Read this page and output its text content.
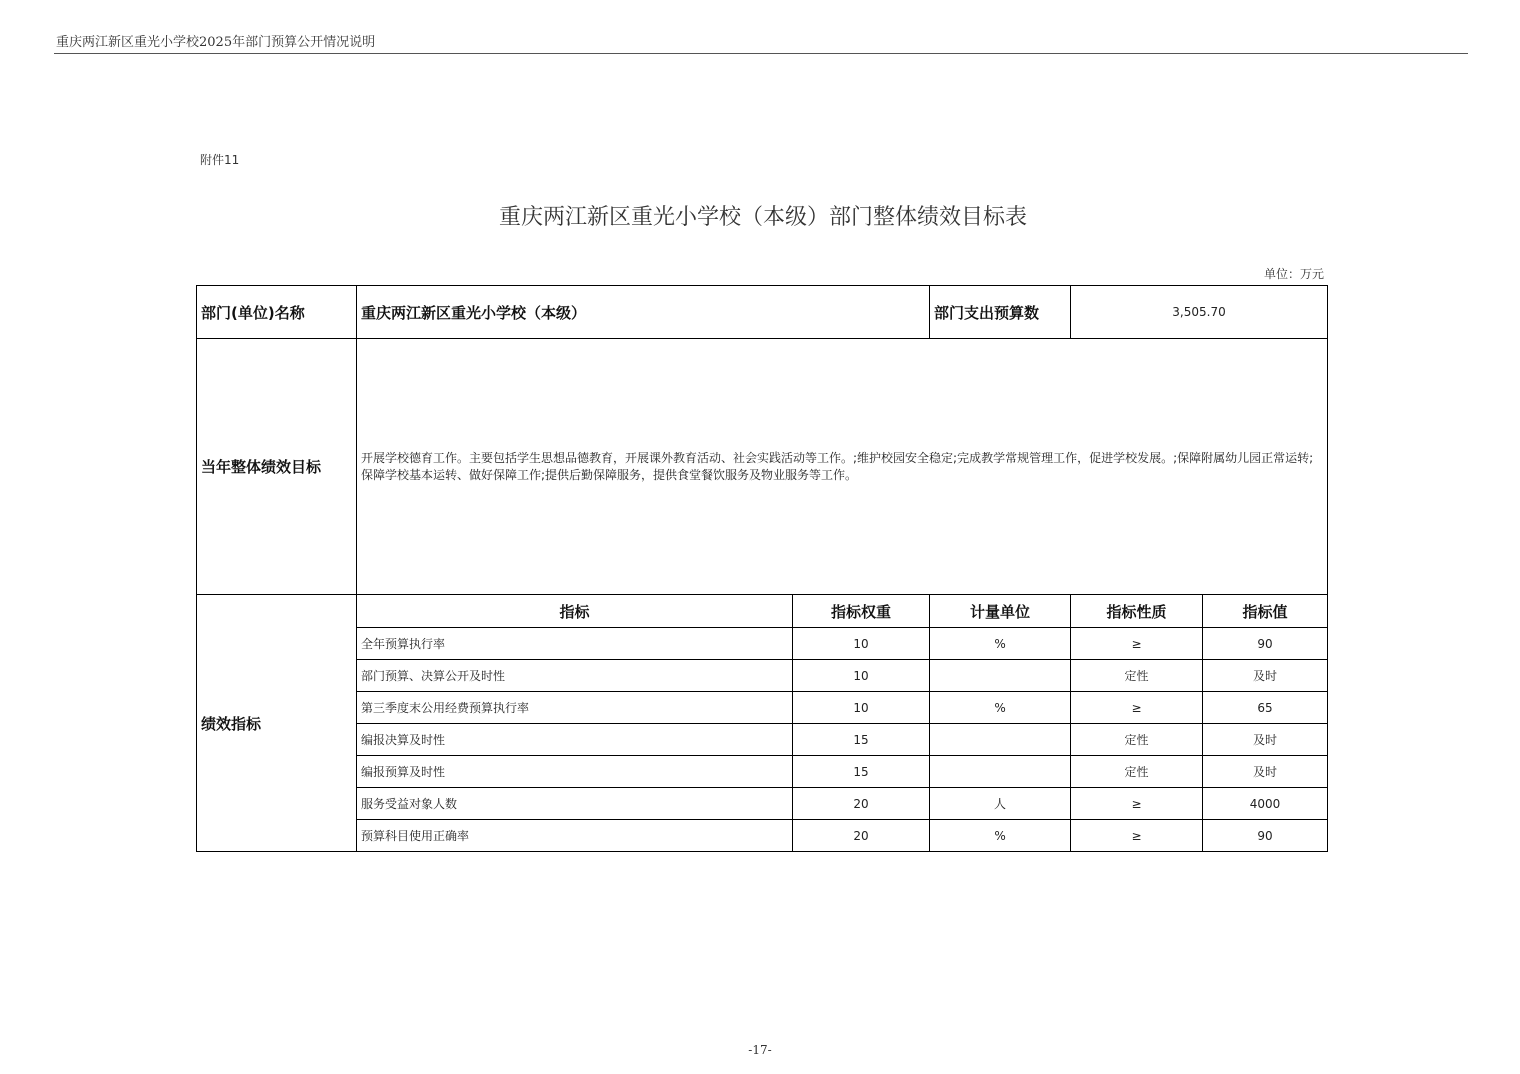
重庆两江新区重光小学校2025年部门预算公开情况说明
附件11
重庆两江新区重光小学校（本级）部门整体绩效目标表
单位：万元
部门(单位)名称	重庆两江新区重光小学校（本级）		部门支出预算数	3,505.70	
当年整体绩效目标	开展学校德育工作。主要包括学生思想品德教育，开展课外教育活动、社会实践活动等工作。;维护校园安全稳定;完成教学常规管理工作，促进学校发展。;保障附属幼儿园正常运转;保障学校基本运转、做好保障工作;提供后勤保障服务，提供食堂餐饮服务及物业服务等工作。				
绩效指标	指标	指标权重	计量单位	指标性质	指标值
	全年预算执行率	10	%	≥	90
	部门预算、决算公开及时性	10		定性	及时
	第三季度末公用经费预算执行率	10	%	≥	65
	编报决算及时性	15		定性	及时
	编报预算及时性	15		定性	及时
	服务受益对象人数	20	人	≥	4000
	预算科目使用正确率	20	%	≥	90
-17-
